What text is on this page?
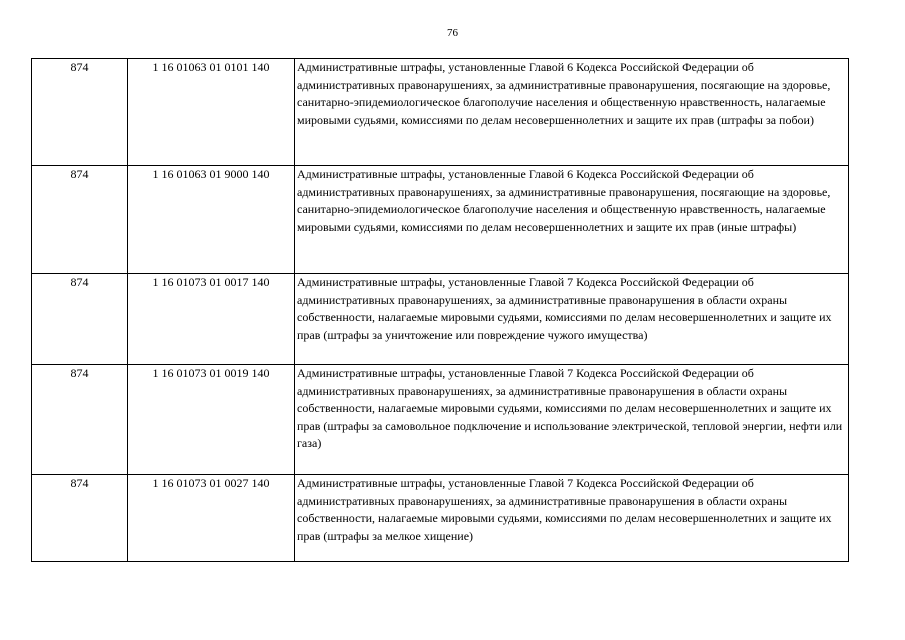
76
874	1 16 01063 01 0101 140	Административные штрафы, установленные Главой 6 Кодекса Российской Федерации об административных правонарушениях, за административные правонарушения, посягающие на здоровье, санитарно-эпидемиологическое благополучие населения и общественную нравственность, налагаемые мировыми судьями, комиссиями по делам несовершеннолетних и защите их прав (штрафы за побои)
874	1 16 01063 01 9000 140	Административные штрафы, установленные Главой 6 Кодекса Российской Федерации об административных правонарушениях, за административные правонарушения, посягающие на здоровье, санитарно-эпидемиологическое благополучие населения и общественную нравственность, налагаемые мировыми судьями, комиссиями по делам несовершеннолетних и защите их прав (иные штрафы)
874	1 16 01073 01 0017 140	Административные штрафы, установленные Главой 7 Кодекса Российской Федерации об административных правонарушениях, за административные правонарушения в области охраны собственности, налагаемые мировыми судьями, комиссиями по делам несовершеннолетних и защите их прав (штрафы за уничтожение или повреждение чужого имущества)
874	1 16 01073 01 0019 140	Административные штрафы, установленные Главой 7 Кодекса Российской Федерации об административных правонарушениях, за административные правонарушения в области охраны собственности, налагаемые мировыми судьями, комиссиями по делам несовершеннолетних и защите их прав (штрафы за самовольное подключение и использование электрической, тепловой энергии, нефти или газа)
874	1 16 01073 01 0027 140	Административные штрафы, установленные Главой 7 Кодекса Российской Федерации об административных правонарушениях, за административные правонарушения в области охраны собственности, налагаемые мировыми судьями, комиссиями по делам несовершеннолетних и защите их прав (штрафы за мелкое хищение)
